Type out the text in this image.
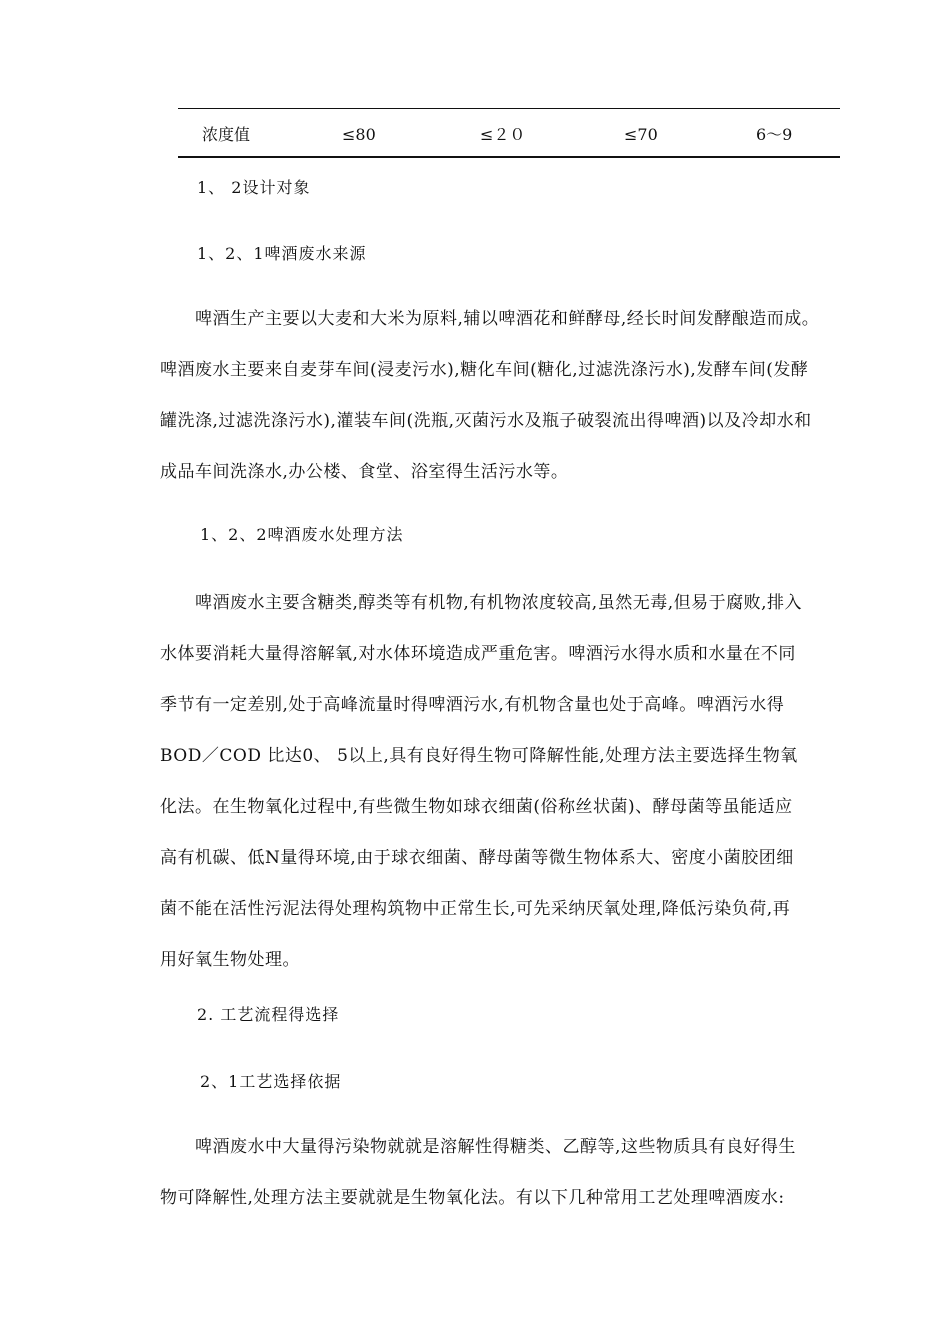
浓度值	≤80	≤２０	≤70	6～9
1、 2设计对象
1、2、1啤酒废水来源
　　啤酒生产主要以大麦和大米为原料,辅以啤酒花和鲜酵母,经长时间发酵酿造而成。
啤酒废水主要来自麦芽车间(浸麦污水),糖化车间(糖化,过滤洗涤污水),发酵车间(发酵
罐洗涤,过滤洗涤污水),灌装车间(洗瓶,灭菌污水及瓶子破裂流出得啤酒)以及冷却水和
成品车间洗涤水,办公楼、食堂、浴室得生活污水等。
1、2、2啤酒废水处理方法
　　啤酒废水主要含糖类,醇类等有机物,有机物浓度较高,虽然无毒,但易于腐败,排入
水体要消耗大量得溶解氧,对水体环境造成严重危害。啤酒污水得水质和水量在不同
季节有一定差别,处于高峰流量时得啤酒污水,有机物含量也处于高峰。啤酒污水得
BOD／COD 比达0、 5以上,具有良好得生物可降解性能,处理方法主要选择生物氧
化法。在生物氧化过程中,有些微生物如球衣细菌(俗称丝状菌)、酵母菌等虽能适应
高有机碳、低N量得环境,由于球衣细菌、酵母菌等微生物体系大、密度小菌胶团细
菌不能在活性污泥法得处理构筑物中正常生长,可先采纳厌氧处理,降低污染负荷,再
用好氧生物处理。
2. 工艺流程得选择
2、1工艺选择依据
　　啤酒废水中大量得污染物就就是溶解性得糖类、乙醇等,这些物质具有良好得生
物可降解性,处理方法主要就就是生物氧化法。有以下几种常用工艺处理啤酒废水:
